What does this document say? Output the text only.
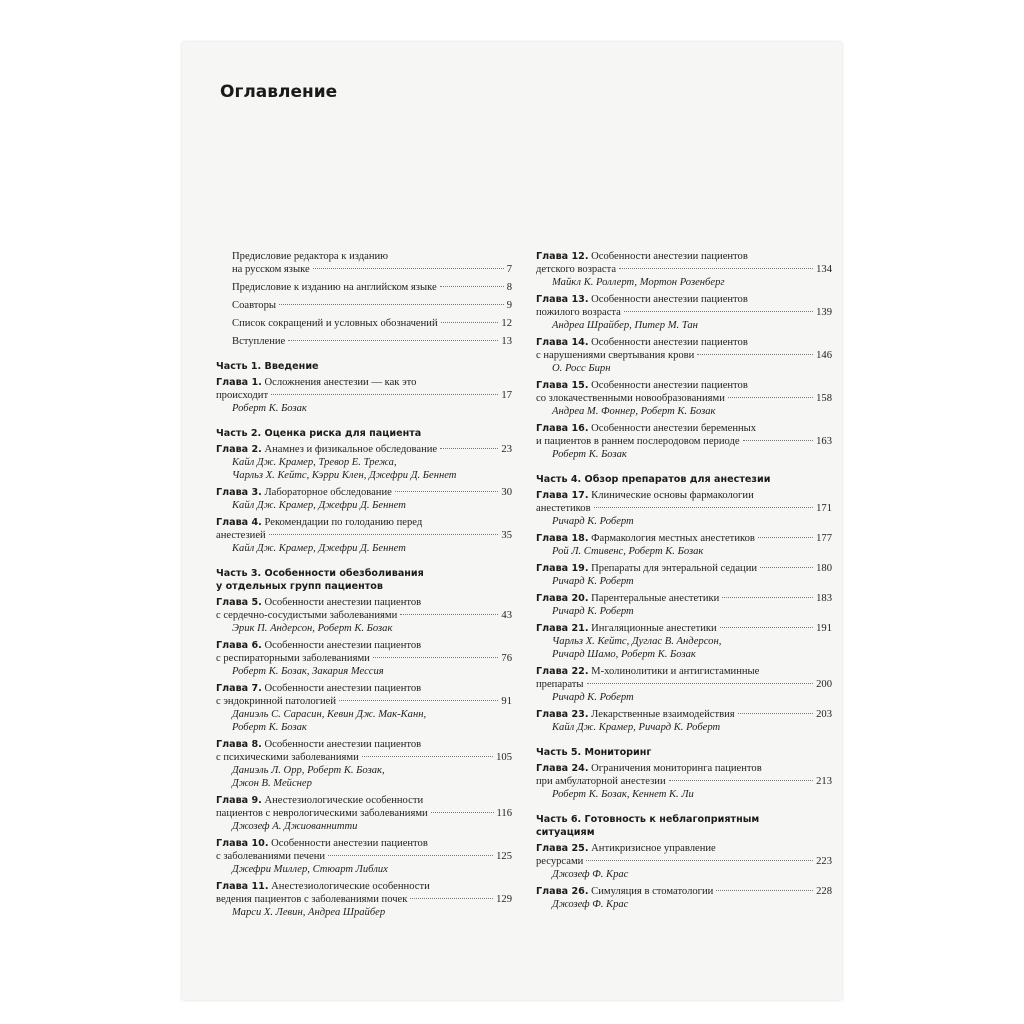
Оглавление
Предисловие редактора к изданию
на русском языке	7
Предисловие к изданию на английском языке	8
Соавторы	9
Список сокращений и условных обозначений	12
Вступление	13
Часть 1. Введение
Глава 1. Осложнения анестезии — как это
происходит	17
Роберт К. Бозак
Часть 2. Оценка риска для пациента
Глава 2. Анамнез и физикальное обследование	23
Кайл Дж. Крамер, Тревор Е. Трежа,
Чарльз Х. Кейтс, Кэрри Клен, Джефри Д. Беннет
Глава 3. Лабораторное обследование	30
Кайл Дж. Крамер, Джефри Д. Беннет
Глава 4. Рекомендации по голоданию перед
анестезией	35
Кайл Дж. Крамер, Джефри Д. Беннет
Часть 3. Особенности обезболивания
у отдельных групп пациентов
Глава 5. Особенности анестезии пациентов
с сердечно-сосудистыми заболеваниями	43
Эрик П. Андерсон, Роберт К. Бозак
Глава 6. Особенности анестезии пациентов
с респираторными заболеваниями	76
Роберт К. Бозак, Закария Мессия
Глава 7. Особенности анестезии пациентов
с эндокринной патологией	91
Даниэль С. Сарасин, Кевин Дж. Мак-Канн,
Роберт К. Бозак
Глава 8. Особенности анестезии пациентов
с психическими заболеваниями	105
Даниэль Л. Орр, Роберт К. Бозак,
Джон В. Мейснер
Глава 9. Анестезиологические особенности
пациентов с неврологическими заболеваниями	116
Джозеф А. Джиованнитти
Глава 10. Особенности анестезии пациентов
с заболеваниями печени	125
Джефри Миллер, Стюарт Либлих
Глава 11. Анестезиологические особенности
ведения пациентов с заболеваниями почек	129
Марси Х. Левин, Андреа Шрайбер
Глава 12. Особенности анестезии пациентов
детского возраста	134
Майкл К. Роллерт, Мортон Розенберг
Глава 13. Особенности анестезии пациентов
пожилого возраста	139
Андреа Шрайбер, Питер М. Тан
Глава 14. Особенности анестезии пациентов
с нарушениями свертывания крови	146
О. Росс Бирн
Глава 15. Особенности анестезии пациентов
со злокачественными новообразованиями	158
Андреа М. Фоннер, Роберт К. Бозак
Глава 16. Особенности анестезии беременных
и пациентов в раннем послеродовом периоде	163
Роберт К. Бозак
Часть 4. Обзор препаратов для анестезии
Глава 17. Клинические основы фармакологии
анестетиков	171
Ричард К. Роберт
Глава 18. Фармакология местных анестетиков	177
Рой Л. Стивенс, Роберт К. Бозак
Глава 19. Препараты для энтеральной седации	180
Ричард К. Роберт
Глава 20. Парентеральные анестетики	183
Ричард К. Роберт
Глава 21. Ингаляционные анестетики	191
Чарльз Х. Кейтс, Дуглас В. Андерсон,
Ричард Шамо, Роберт К. Бозак
Глава 22. М-холинолитики и антигистаминные
препараты	200
Ричард К. Роберт
Глава 23. Лекарственные взаимодействия	203
Кайл Дж. Крамер, Ричард К. Роберт
Часть 5. Мониторинг
Глава 24. Ограничения мониторинга пациентов
при амбулаторной анестезии	213
Роберт К. Бозак, Кеннет К. Ли
Часть 6. Готовность к неблагоприятным
ситуациям
Глава 25. Антикризисное управление
ресурсами	223
Джозеф Ф. Крас
Глава 26. Симуляция в стоматологии	228
Джозеф Ф. Крас
